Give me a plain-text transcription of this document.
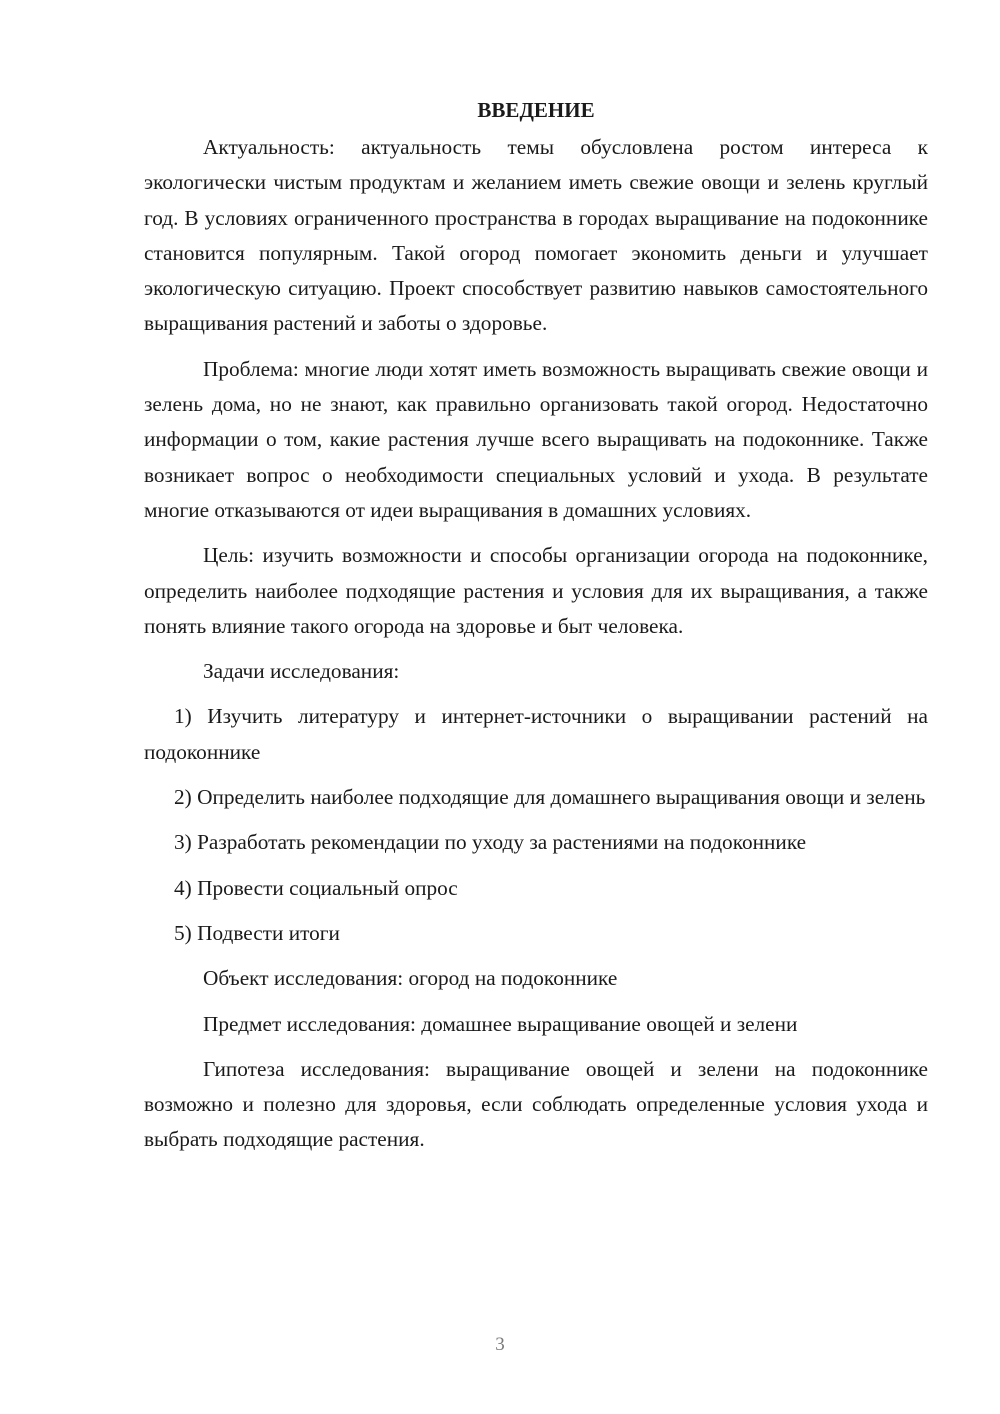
ВВЕДЕНИЕ

Актуальность: актуальность темы обусловлена ростом интереса к экологически чистым продуктам и желанием иметь свежие овощи и зелень круглый год. В условиях ограниченного пространства в городах выращивание на подоконнике становится популярным. Такой огород помогает экономить деньги и улучшает экологическую ситуацию. Проект способствует развитию навыков самостоятельного выращивания растений и заботы о здоровье.

Проблема: многие люди хотят иметь возможность выращивать свежие овощи и зелень дома, но не знают, как правильно организовать такой огород. Недостаточно информации о том, какие растения лучше всего выращивать на подоконнике. Также возникает вопрос о необходимости специальных условий и ухода. В результате многие отказываются от идеи выращивания в домашних условиях.

Цель: изучить возможности и способы организации огорода на подоконнике, определить наиболее подходящие растения и условия для их выращивания, а также понять влияние такого огорода на здоровье и быт человека.

Задачи исследования:

1) Изучить литературу и интернет-источники о выращивании растений на подоконнике

2) Определить наиболее подходящие для домашнего выращивания овощи и зелень

3) Разработать рекомендации по уходу за растениями на подоконнике

4) Провести социальный опрос

5) Подвести итоги

Объект исследования: огород на подоконнике

Предмет исследования: домашнее выращивание овощей и зелени

Гипотеза исследования: выращивание овощей и зелени на подоконнике возможно и полезно для здоровья, если соблюдать определенные условия ухода и выбрать подходящие растения.

3
